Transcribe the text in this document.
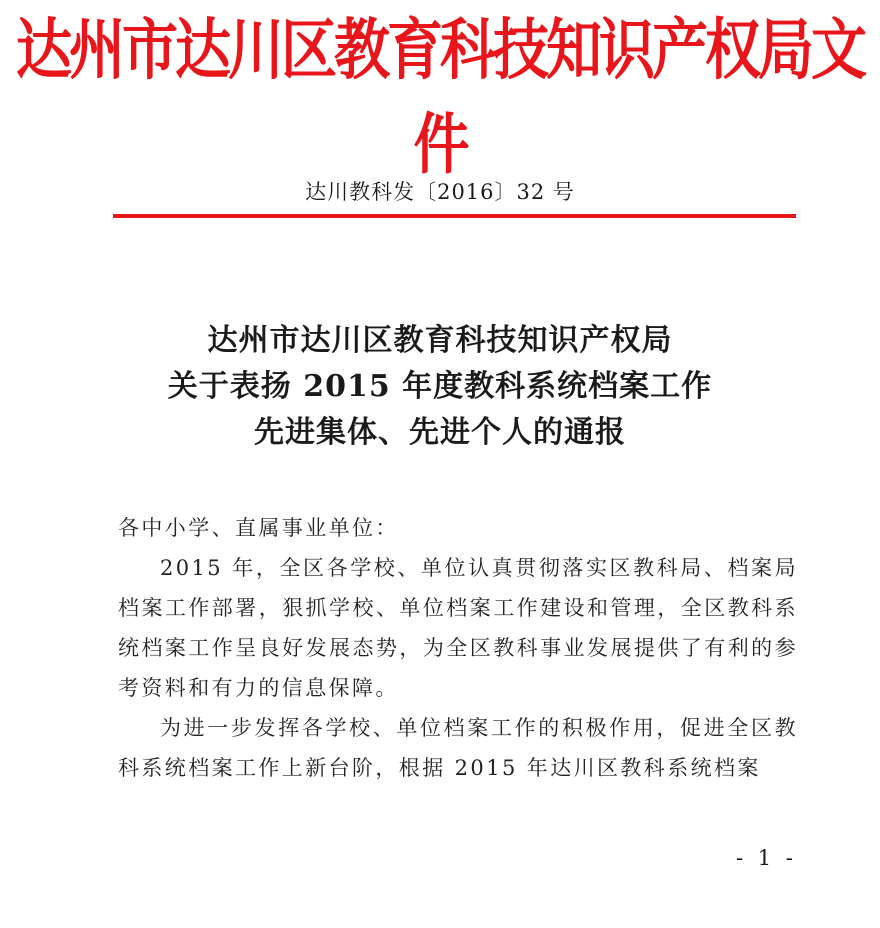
达州市达川区教育科技知识产权局文件
达川教科发〔2016〕32 号
达州市达川区教育科技知识产权局
关于表扬 2015 年度教科系统档案工作
先进集体、先进个人的通报
各中小学、直属事业单位：

2015 年，全区各学校、单位认真贯彻落实区教科局、档案局档案工作部署，狠抓学校、单位档案工作建设和管理，全区教科系统档案工作呈良好发展态势，为全区教科事业发展提供了有利的参考资料和有力的信息保障。

为进一步发挥各学校、单位档案工作的积极作用，促进全区教科系统档案工作上新台阶，根据 2015 年达川区教科系统档案

- 1 -
